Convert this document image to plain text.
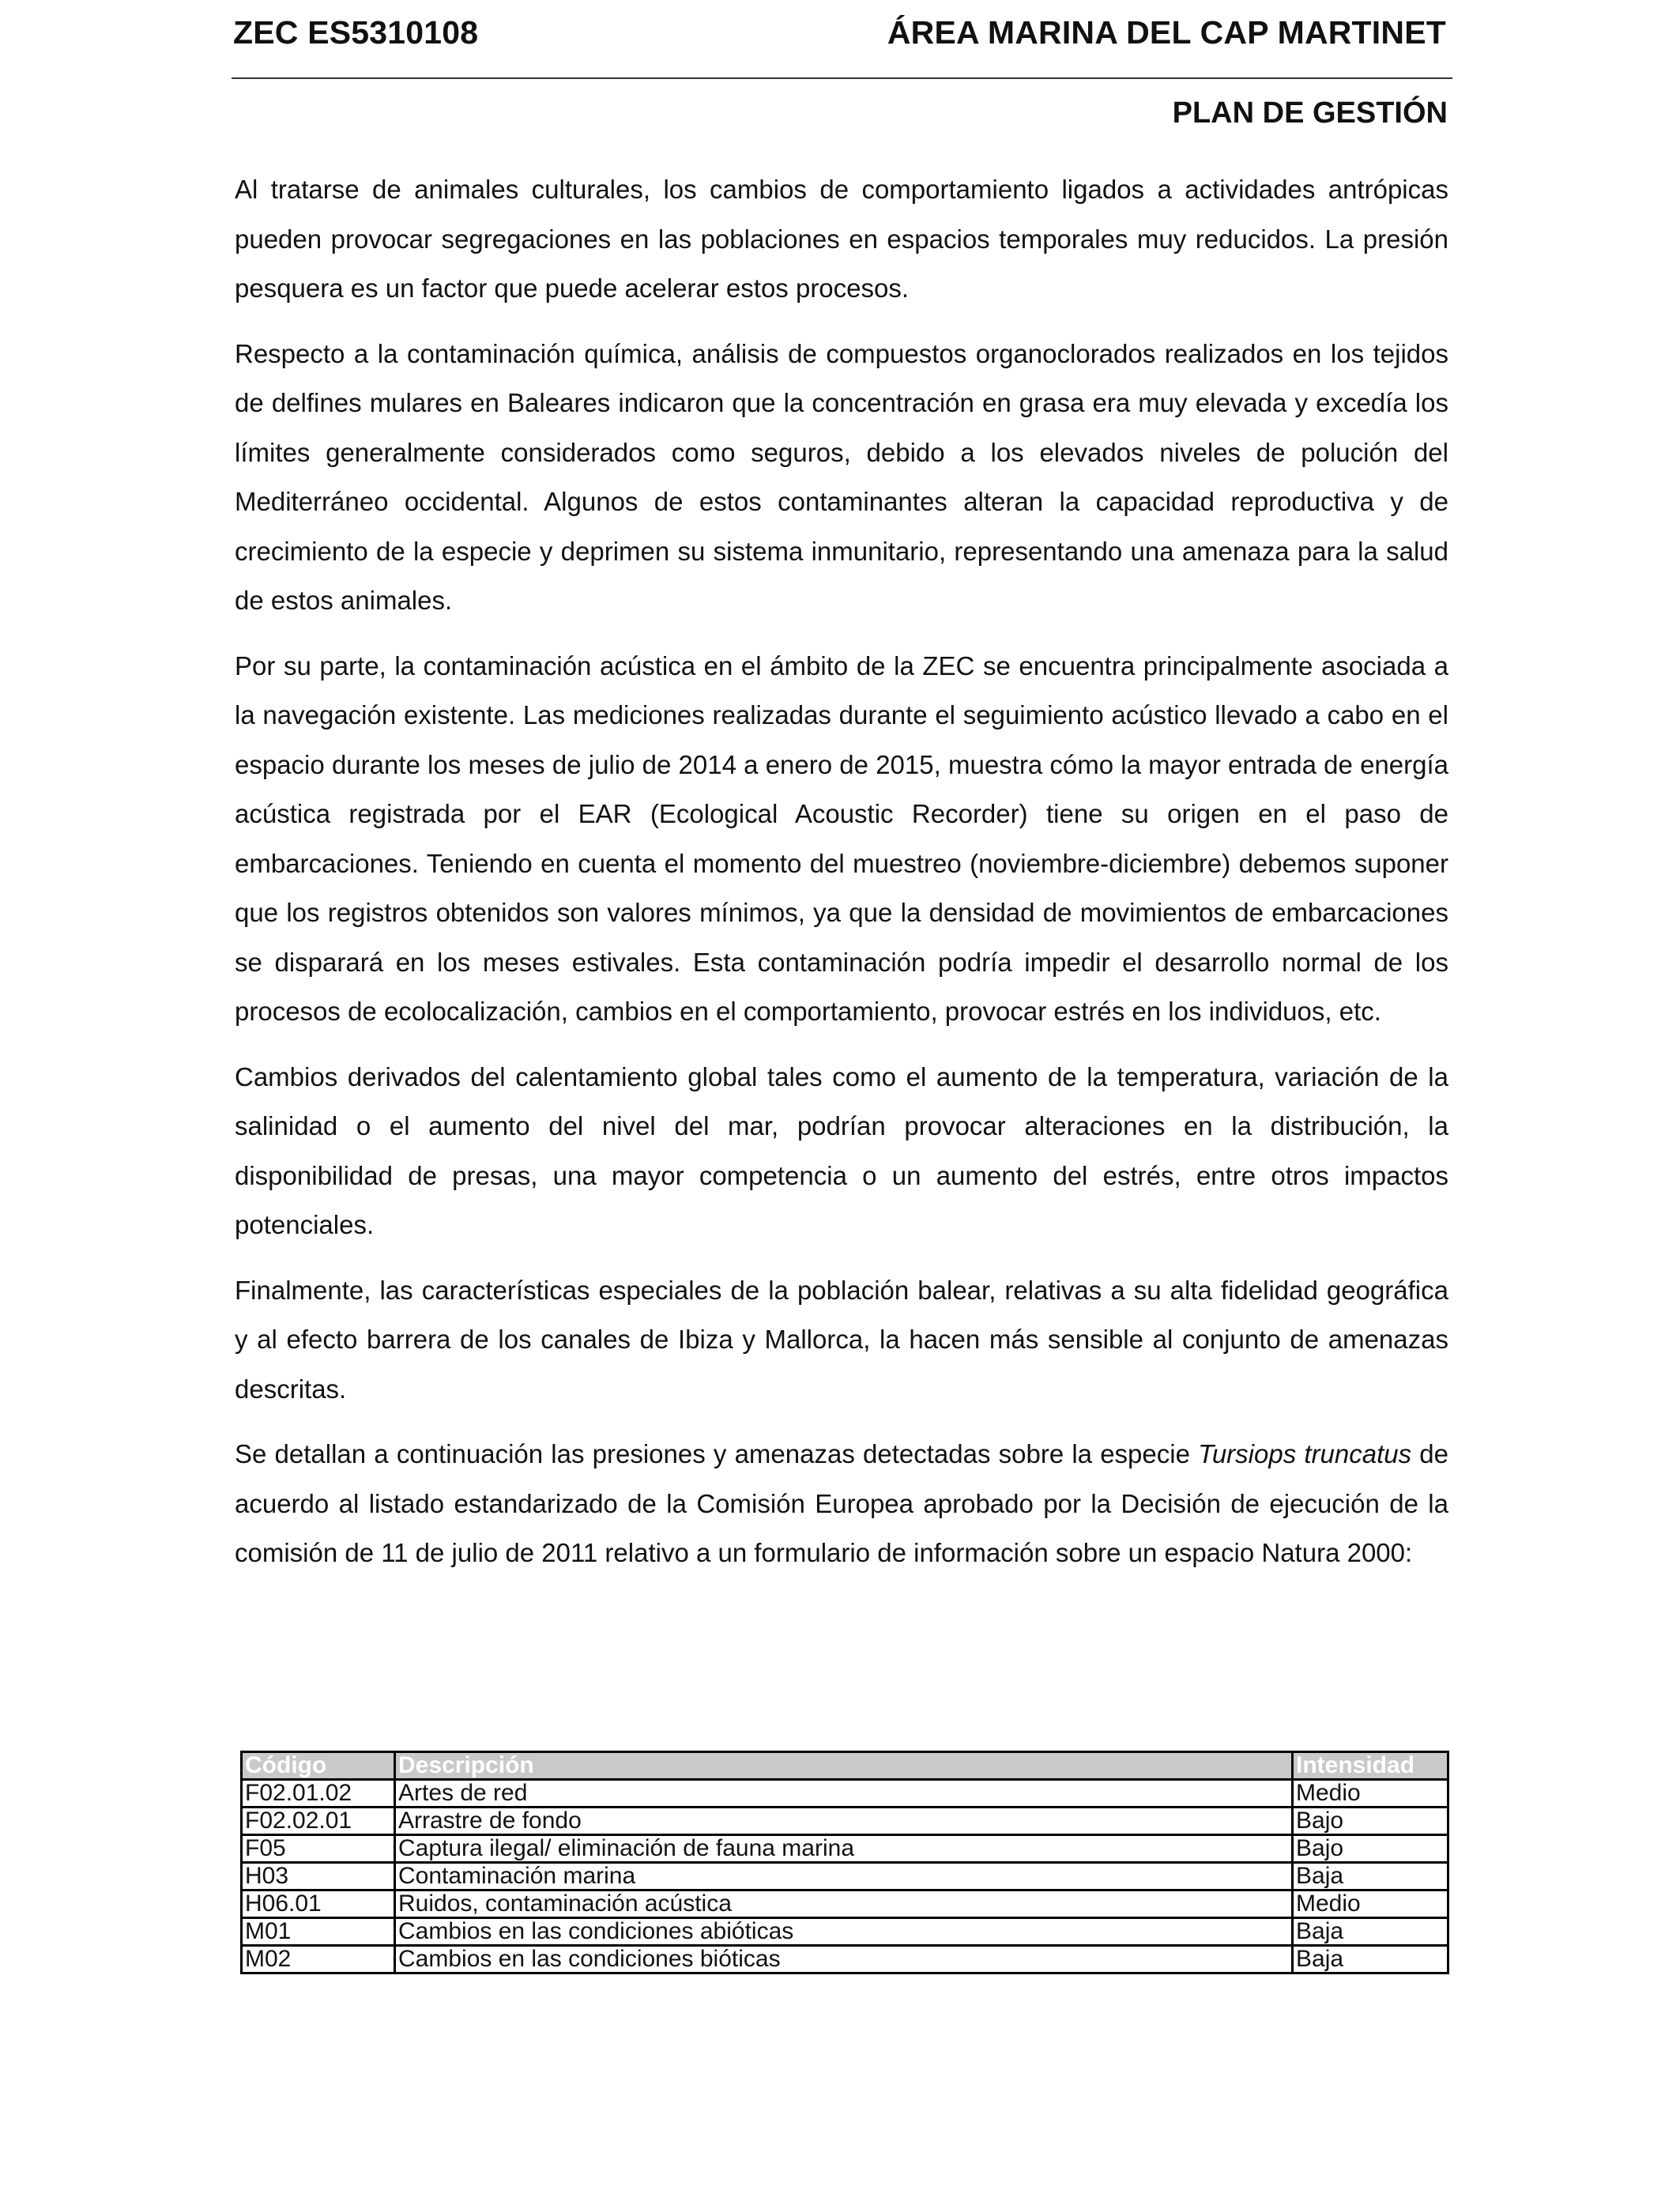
ZEC ES5310108	ÁREA MARINA DEL CAP MARTINET
PLAN DE GESTIÓN

Al tratarse de animales culturales, los cambios de comportamiento ligados a actividades antrópicas pueden provocar segregaciones en las poblaciones en espacios temporales muy reducidos. La presión pesquera es un factor que puede acelerar estos procesos.

Respecto a la contaminación química, análisis de compuestos organoclorados realizados en los tejidos de delfines mulares en Baleares indicaron que la concentración en grasa era muy elevada y excedía los límites generalmente considerados como seguros, debido a los elevados niveles de polución del Mediterráneo occidental. Algunos de estos contaminantes alteran la capacidad reproductiva y de crecimiento de la especie y deprimen su sistema inmunitario, representando una amenaza para la salud de estos animales.

Por su parte, la contaminación acústica en el ámbito de la ZEC se encuentra principalmente asociada a la navegación existente. Las mediciones realizadas durante el seguimiento acústico llevado a cabo en el espacio durante los meses de julio de 2014 a enero de 2015, muestra cómo la mayor entrada de energía acústica registrada por el EAR (Ecological Acoustic Recorder) tiene su origen en el paso de embarcaciones. Teniendo en cuenta el momento del muestreo (noviembre-diciembre) debemos suponer que los registros obtenidos son valores mínimos, ya que la densidad de movimientos de embarcaciones se disparará en los meses estivales. Esta contaminación podría impedir el desarrollo normal de los procesos de ecolocalización, cambios en el comportamiento, provocar estrés en los individuos, etc.

Cambios derivados del calentamiento global tales como el aumento de la temperatura, variación de la salinidad o el aumento del nivel del mar, podrían provocar alteraciones en la distribución, la disponibilidad de presas, una mayor competencia o un aumento del estrés, entre otros impactos potenciales.

Finalmente, las características especiales de la población balear, relativas a su alta fidelidad geográfica y al efecto barrera de los canales de Ibiza y Mallorca, la hacen más sensible al conjunto de amenazas descritas.

Se detallan a continuación las presiones y amenazas detectadas sobre la especie Tursiops truncatus de acuerdo al listado estandarizado de la Comisión Europea aprobado por la Decisión de ejecución de la comisión de 11 de julio de 2011 relativo a un formulario de información sobre un espacio Natura 2000:

Código	Descripción	Intensidad
F02.01.02	Artes de red	Medio
F02.02.01	Arrastre de fondo	Bajo
F05	Captura ilegal/ eliminación de fauna marina	Bajo
H03	Contaminación marina	Baja
H06.01	Ruidos, contaminación acústica	Medio
M01	Cambios en las condiciones abióticas	Baja
M02	Cambios en las condiciones bióticas	Baja
